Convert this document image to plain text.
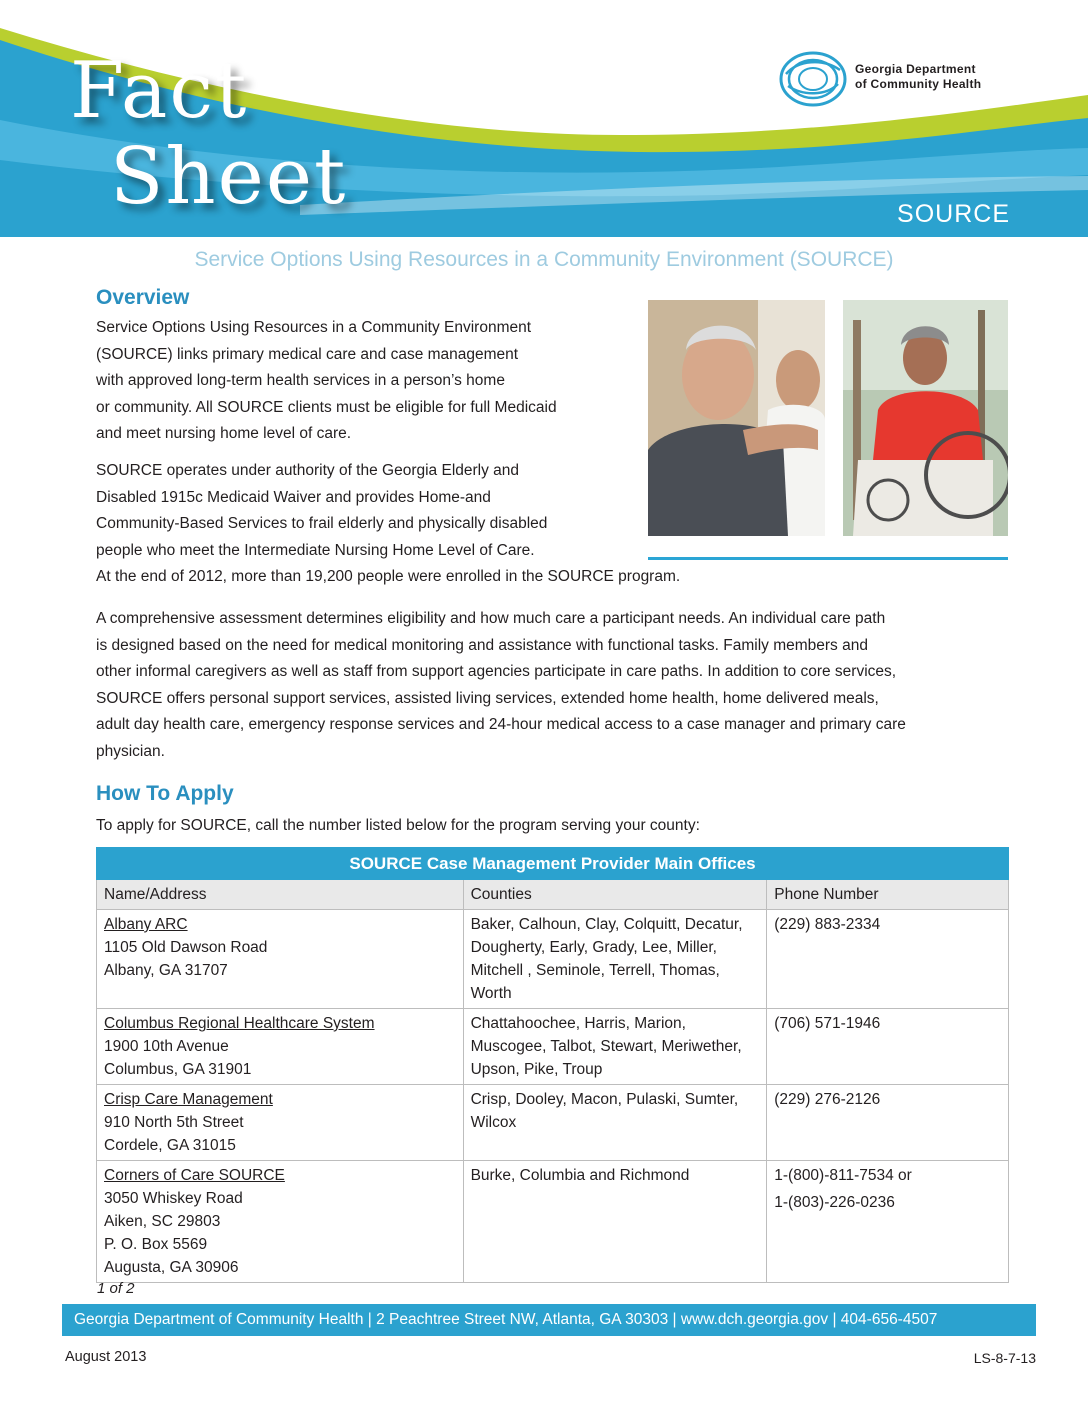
Fact
Sheet	SOURCE
Georgia Department
of Community Health
Service Options Using Resources in a Community Environment (SOURCE)
Overview

Service Options Using Resources in a Community Environment
(SOURCE) links primary medical care and case management
with approved long-term health services in a person’s home
or community. All SOURCE clients must be eligible for full Medicaid
and meet nursing home level of care.

SOURCE operates under authority of the Georgia Elderly and
Disabled 1915c Medicaid Waiver and provides Home-and
Community-Based Services to frail elderly and physically disabled
people who meet the Intermediate Nursing Home Level of Care.
At the end of 2012, more than 19,200 people were enrolled in the SOURCE program.

A comprehensive assessment determines eligibility and how much care a participant needs. An individual care path
is designed based on the need for medical monitoring and assistance with functional tasks. Family members and
other informal caregivers as well as staff from support agencies participate in care paths. In addition to core services,
SOURCE offers personal support services, assisted living services, extended home health, home delivered meals,
adult day health care, emergency response services and 24-hour medical access to a case manager and primary care
physician.

How To Apply

To apply for SOURCE, call the number listed below for the program serving your county:

SOURCE Case Management Provider Main Offices		
Name/Address	Counties	Phone Number

Albany ARC
1105 Old Dawson Road
Albany, GA 31707	Baker, Calhoun, Clay, Colquitt, Decatur,
Dougherty, Early, Grady, Lee, Miller,
Mitchell , Seminole, Terrell, Thomas,
Worth	(229) 883-2334

Columbus Regional Healthcare System
1900 10th Avenue
Columbus, GA 31901	Chattahoochee, Harris, Marion,
Muscogee, Talbot, Stewart, Meriwether,
Upson, Pike, Troup	(706) 571-1946

Crisp Care Management
910 North 5th Street
Cordele, GA 31015	Crisp, Dooley, Macon, Pulaski, Sumter,
Wilcox	(229) 276-2126

Corners of Care SOURCE
3050 Whiskey Road
Aiken, SC 29803
P. O. Box 5569
Augusta, GA 30906	Burke, Columbia and Richmond	1-(800)-811-7534 or
1-(803)-226-0236
1 of 2
Georgia Department of Community Health | 2 Peachtree Street NW, Atlanta, GA 30303 | www.dch.georgia.gov | 404-656-4507
August 2013	LS-8-7-13
